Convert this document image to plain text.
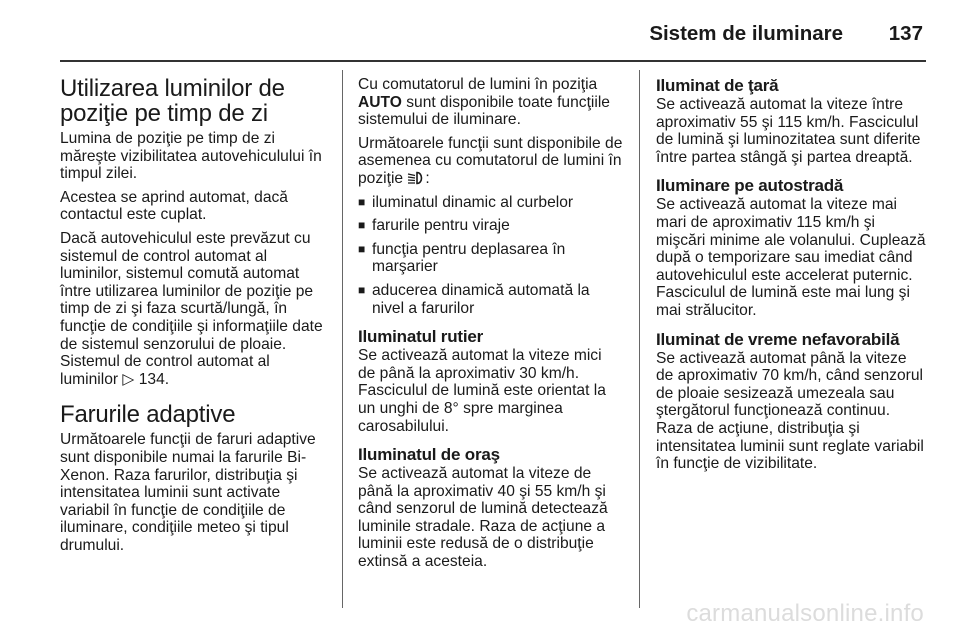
Sistem de iluminare 137
Utilizarea luminilor de poziţie pe timp de zi

Lumina de poziţie pe timp de zi măreşte vizibilitatea autovehiculului în timpul zilei.

Acestea se aprind automat, dacă contactul este cuplat.

Dacă autovehiculul este prevăzut cu sistemul de control automat al luminilor, sistemul comută automat între utilizarea luminilor de poziţie pe timp de zi şi faza scurtă/lungă, în funcţie de condiţiile şi informaţiile date de sistemul senzorului de ploaie. Sistemul de control automat al luminilor ▷ 134.

Farurile adaptive

Următoarele funcţii de faruri adaptive sunt disponibile numai la farurile Bi-Xenon. Raza farurilor, distribuţia şi intensitatea luminii sunt activate variabil în funcţie de condiţiile de iluminare, condiţiile meteo şi tipul drumului.

Cu comutatorul de lumini în poziţia AUTO sunt disponibile toate funcţiile sistemului de iluminare.

Următoarele funcţii sunt disponibile de asemenea cu comutatorul de lumini în poziţie :

■ iluminatul dinamic al curbelor
■ farurile pentru viraje
■ funcţia pentru deplasarea în marşarier
■ aducerea dinamică automată la nivel a farurilor
Iluminatul rutier

Se activează automat la viteze mici de până la aproximativ 30 km/h. Fasciculul de lumină este orientat la un unghi de 8° spre marginea carosabilului.

Iluminatul de oraş

Se activează automat la viteze de până la aproximativ 40 şi 55 km/h şi când senzorul de lumină detectează luminile stradale. Raza de acţiune a luminii este redusă de o distribuţie extinsă a acesteia.

Iluminat de ţară

Se activează automat la viteze între aproximativ 55 şi 115 km/h. Fasciculul de lumină şi luminozitatea sunt diferite între partea stângă şi partea dreaptă.

Iluminare pe autostradă

Se activează automat la viteze mai mari de aproximativ 115 km/h şi mişcări minime ale volanului. Cuplează după o temporizare sau imediat când autovehiculul este accelerat puternic. Fasciculul de lumină este mai lung şi mai strălucitor.

Iluminat de vreme nefavorabilă

Se activează automat până la viteze de aproximativ 70 km/h, când senzorul de ploaie sesizează umezeala sau ştergătorul funcţionează continuu. Raza de acţiune, distribuţia şi intensitatea luminii sunt reglate variabil în funcţie de vizibilitate.

carmanualsonline.info
